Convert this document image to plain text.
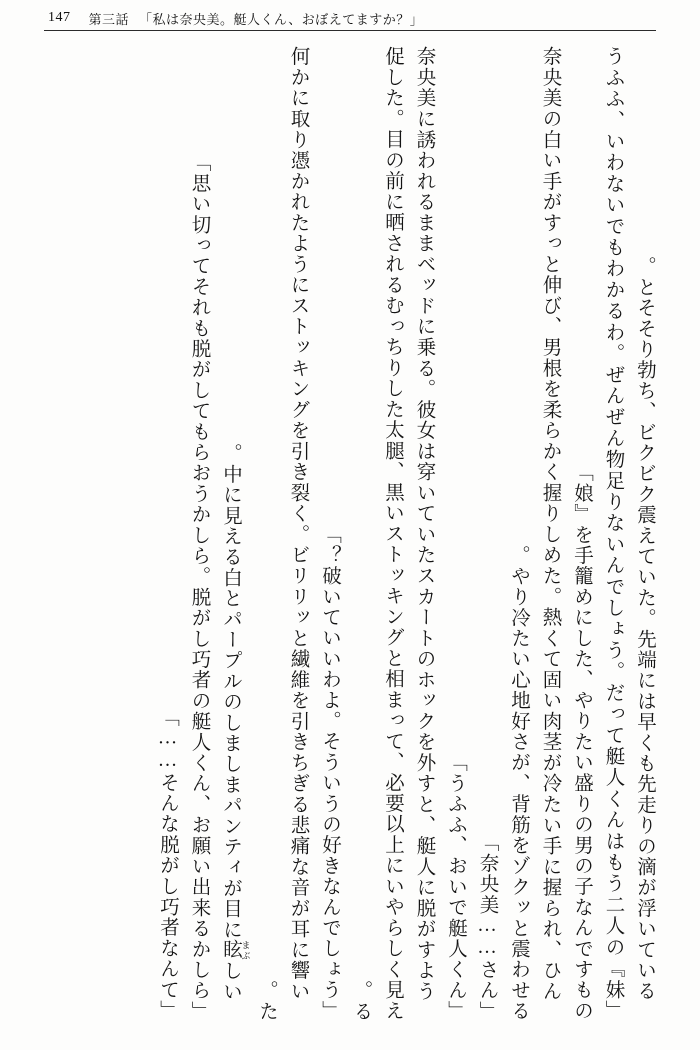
147 第三話 「私は奈央美。艇人くん、おぼえてますか？」

とそそり勃ち、ビクビク震えていた。先端には早くも先走りの滴が浮いている。

「うふふ、いわないでもわかるわ。ぜんぜん物足りないんでしょう。だって艇人くんはもう二人の『妹娘』を手籠めにした、やりたい盛りの男の子なんですもの」

奈央美の白い手がすっと伸び、男根を柔らかく握りしめた。熱くて固い肉茎が冷たい手に握られ、ひんやり冷たい心地好さが、背筋をゾクッと震わせる。

「奈央美……さん」

「うふふ、おいで艇人くん」

奈央美に誘われるままベッドに乗る。彼女は穿いていたスカートのホックを外すと、艇人に脱がすよう促した。目の前に晒されるむっちりした太腿、黒いストッキングと相まって、必要以上にいやらしく見える。

「破いていいわよ。そういうの好きなんでしょう？」

何かに取り憑かれたようにストッキングを引き裂く。ビリリッと繊維を引きちぎる悲痛な音が耳に響いた。

中に見える白とパープルのしましまパンティが目に眩 まぶしい。

「思い切ってそれも脱がしてもらおうかしら。脱がし巧者の艇人くん、お願い出来るかしら」

「そんな脱がし巧者なんて……」
